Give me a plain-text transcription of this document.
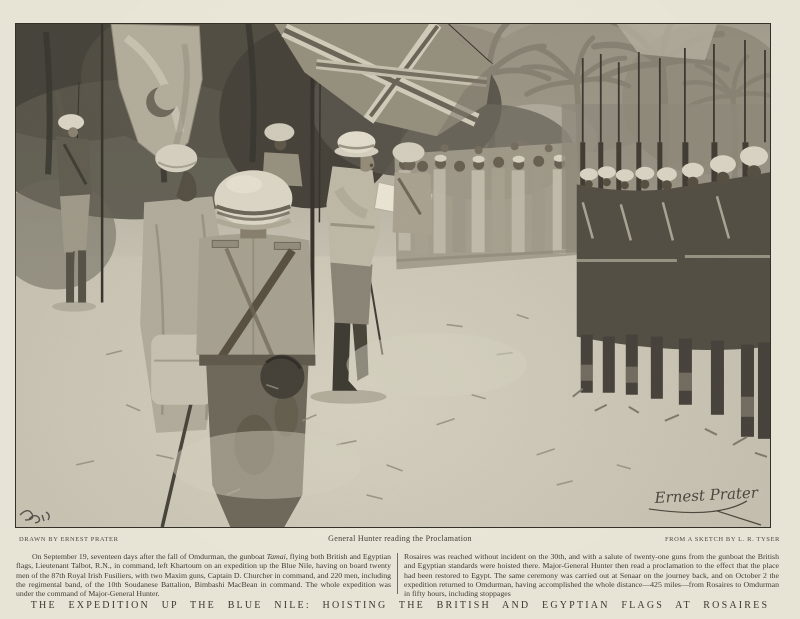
Ernest Prater
DRAWN BY ERNEST PRATER	General Hunter reading the Proclamation	FROM A SKETCH BY L. R. TYSER

On September 19, seventeen days after the fall of Omdurman, the gunboat Tamai, flying both British and Egyptian flags, Lieutenant Talbot, R.N., in command, left Khartoum on an expedition up the Blue Nile, having on board twenty men of the 87th Royal Irish Fusiliers, with two Maxim guns, Captain D. Churcher in command, and 220 men, including the regimental band, of the 10th Soudanese Battalion, Bimbashi MacBean in command. The whole expedition was under the command of Major-General Hunter.

Rosaires was reached without incident on the 30th, and with a salute of twenty-one guns from the gunboat the British and Egyptian standards were hoisted there. Major-General Hunter then read a proclamation to the effect that the place had been restored to Egypt. The same ceremony was carried out at Senaar on the journey back, and on October 2 the expedition returned to Omdurman, having accomplished the whole distance—425 miles—from Rosaires to Omdurman in fifty hours, including stoppages

THE EXPEDITION UP THE BLUE NILE: HOISTING THE BRITISH AND EGYPTIAN FLAGS AT ROSAIRES
